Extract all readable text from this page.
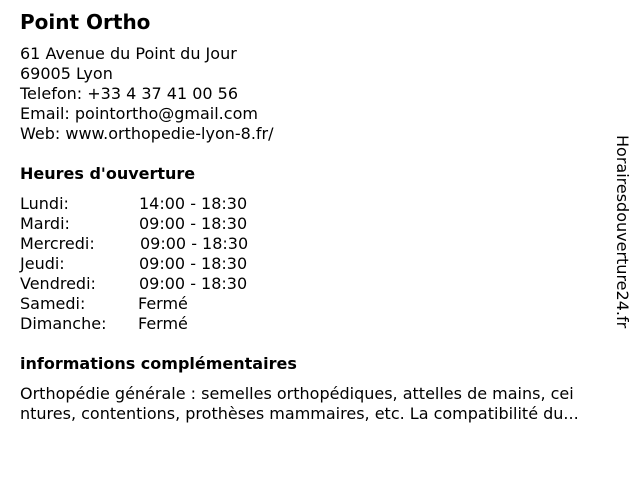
Point Ortho
61 Avenue du Point du Jour
69005 Lyon
Telefon: +33 4 37 41 00 56
Email: pointortho@gmail.com
Web: www.orthopedie-lyon-8.fr/
Heures d'ouverture
Lundi:	14:00 - 18:30
Mardi:	09:00 - 18:30
Mercredi:	09:00 - 18:30
Jeudi:	09:00 - 18:30
Vendredi:	09:00 - 18:30
Samedi:	Fermé
Dimanche: Fermé
informations complémentaires
Orthopédie générale : semelles orthopédiques, attelles de mains, cei
ntures, contentions, prothèses mammaires, etc. La compatibilité du...
Horairesdouverture24.fr
